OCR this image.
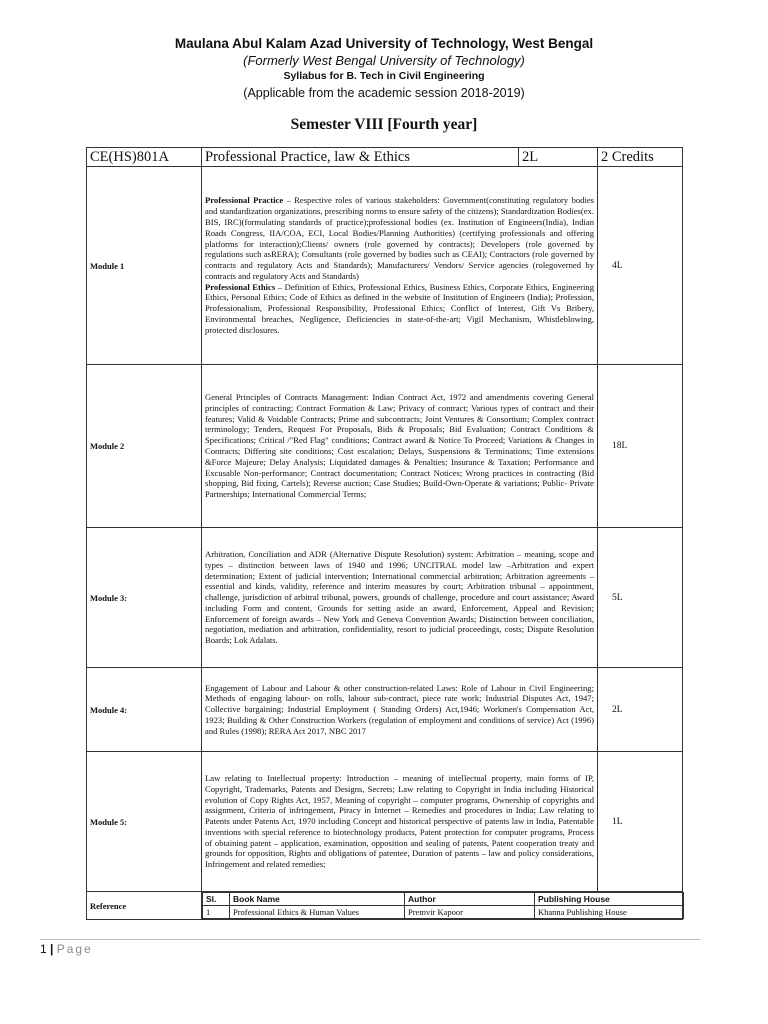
Maulana Abul Kalam Azad University of Technology, West Bengal
(Formerly West Bengal University of Technology)
Syllabus for B. Tech in Civil Engineering
(Applicable from the academic session 2018-2019)
Semester VIII [Fourth year]
CE(HS)801A	Professional Practice, law & Ethics	2L	2 Credits
Module 1	Professional Practice – Respective roles of various stakeholders: Government(constituting regulatory bodies and standardization organizations, prescribing norms to ensure safety of the citizens); Standardization Bodies(ex. BIS, IRC)(formulating standards of practice);professional bodies (ex. Institution of Engineers(India), Indian Roads Congress, IIA/COA, ECI, Local Bodies/Planning Authorities) (certifying professionals and offering platforms for interaction);Clients/ owners (role governed by contracts); Developers (role governed by regulations such asRERA); Consultants (role governed by bodies such as CEAI); Contractors (role governed by contracts and regulatory Acts and Standards); Manufacturers/ Vendors/ Service agencies (rolegoverned by contracts and regulatory Acts and Standards)
Professional Ethics – Definition of Ethics, Professional Ethics, Business Ethics, Corporate Ethics, Engineering Ethics, Personal Ethics; Code of Ethics as defined in the website of Institution of Engineers (India); Profession, Professionalism, Professional Responsibility, Professional Ethics; Conflict of Interest, Gift Vs Bribery, Environmental breaches, Negligence, Deficiencies in state-of-the-art; Vigil Mechanism, Whistleblowing, protected disclosures.	4L
Module 2	General Principles of Contracts Management: Indian Contract Act, 1972 and amendments covering General principles of contracting; Contract Formation & Law; Privacy of contract; Various types of contract and their features; Valid & Voidable Contracts; Prime and subcontracts; Joint Ventures & Consortium; Complex contract terminology; Tenders, Request For Proposals, Bids & Proposals; Bid Evaluation; Contract Conditions & Specifications; Critical /"Red Flag" conditions; Contract award & Notice To Proceed; Variations & Changes in Contracts; Differing site conditions; Cost escalation; Delays, Suspensions & Terminations; Time extensions &Force Majeure; Delay Analysis; Liquidated damages & Penalties; Insurance & Taxation; Performance and Excusable Non-performance; Contract documentation; Contract Notices; Wrong practices in contracting (Bid shopping, Bid fixing, Cartels); Reverse auction; Case Studies; Build-Own-Operate & variations; Public- Private Partnerships; International Commercial Terms;	18L
Module 3:	Arbitration, Conciliation and ADR (Alternative Dispute Resolution) system: Arbitration – meaning, scope and types – distinction between laws of 1940 and 1996; UNCITRAL model law –Arbitration and expert determination; Extent of judicial intervention; International commercial arbitration; Arbitration agreements – essential and kinds, validity, reference and interim measures by court; Arbitration tribunal – appointment, challenge, jurisdiction of arbitral tribunal, powers, grounds of challenge, procedure and court assistance; Award including Form and content, Grounds for setting aside an award, Enforcement, Appeal and Revision; Enforcement of foreign awards – New York and Geneva Convention Awards; Distinction between conciliation, negotiation, mediation and arbitration, confidentiality, resort to judicial proceedings, costs; Dispute Resolution Boards; Lok Adalats.	5L
Module 4:	Engagement of Labour and Labour & other construction-related Laws: Role of Labour in Civil Engineering; Methods of engaging labour- on rolls, labour sub-contract, piece rate work; Industrial Disputes Act, 1947; Collective bargaining; Industrial Employment ( Standing Orders) Act,1946; Workmen's Compensation Act, 1923; Building & Other Construction Workers (regulation of employment and conditions of service) Act (1996) and Rules (1998); RERA Act 2017, NBC 2017	2L
Module 5:	Law relating to Intellectual property: Introduction – meaning of intellectual property, main forms of IP, Copyright, Trademarks, Patents and Designs, Secrets; Law relating to Copyright in India including Historical evolution of Copy Rights Act, 1957, Meaning of copyright – computer programs, Ownership of copyrights and assignment, Criteria of infringement, Piracy in Internet – Remedies and procedures in India; Law relating to Patents under Patents Act, 1970 including Concept and historical perspective of patents law in India, Patentable inventions with special reference to biotechnology products, Patent protection for computer programs, Process of obtaining patent – application, examination, opposition and sealing of patents, Patent cooperation treaty and grounds for opposition, Rights and obligations of patentee, Duration of patents – law and policy considerations, Infringement and related remedies;	1L
Reference	
Sl.	Book Name	Author	Publishing House
1	Professional Ethics & Human Values	Premvir Kapoor	Khanna Publishing House
1 | Page
